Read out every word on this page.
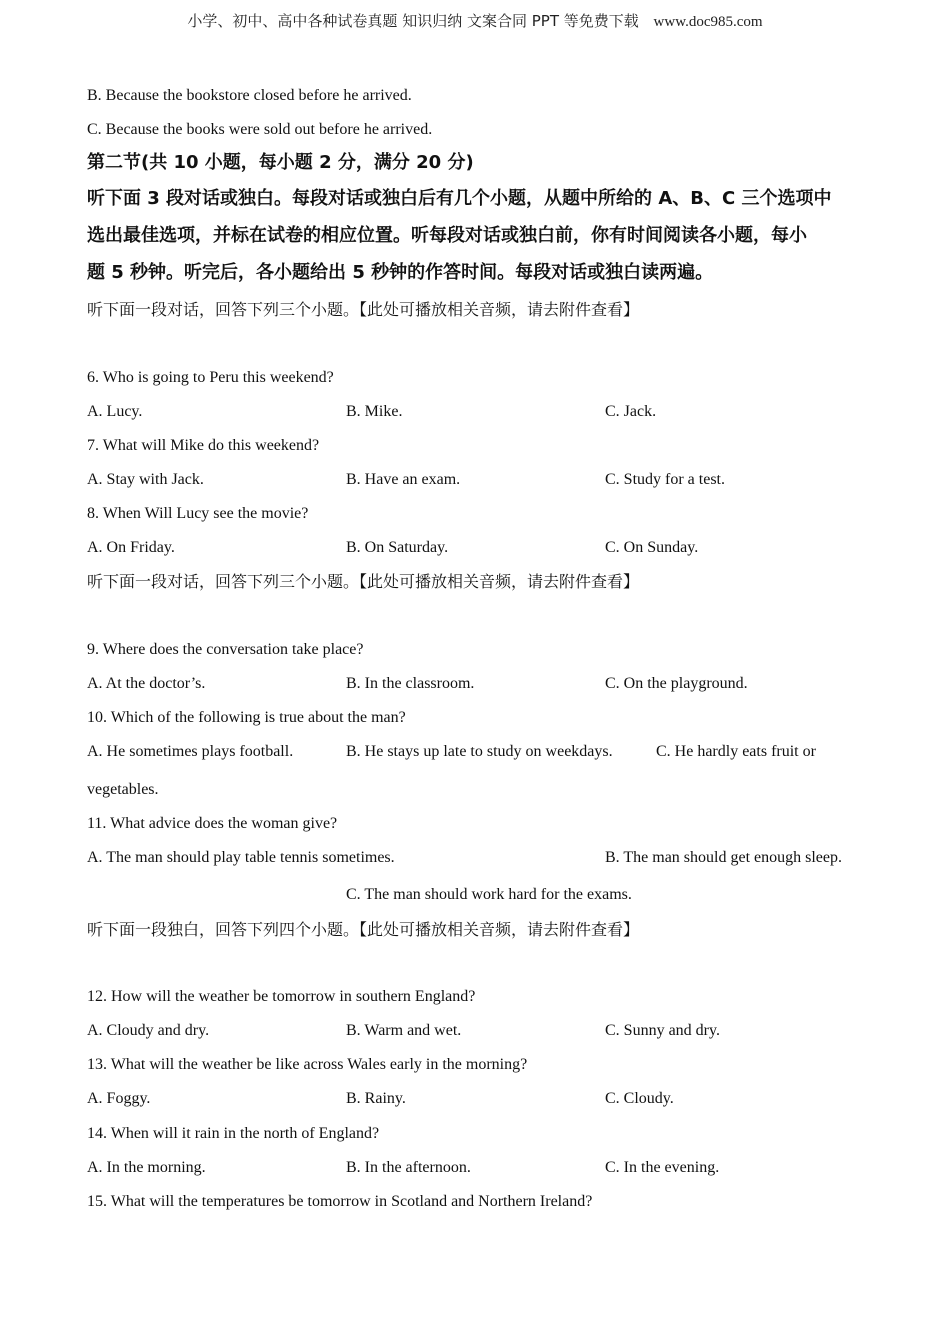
小学、初中、高中各种试卷真题 知识归纳 文案合同 PPT 等免费下载 www.doc985.com
B. Because the bookstore closed before he arrived.
C. Because the books were sold out before he arrived.
第二节(共 10 小题，每小题 2 分，满分 20 分)
听下面 3 段对话或独白。每段对话或独白后有几个小题，从题中所给的 A、B、C 三个选项中
选出最佳选项，并标在试卷的相应位置。听每段对话或独白前，你有时间阅读各小题，每小
题 5 秒钟。听完后，各小题给出 5 秒钟的作答时间。每段对话或独白读两遍。
听下面一段对话，回答下列三个小题。【此处可播放相关音频，请去附件查看】
6. Who is going to Peru this weekend?
A. Lucy.	B. Mike.	C. Jack.
7. What will Mike do this weekend?
A. Stay with Jack.	B. Have an exam.	C. Study for a test.
8. When Will Lucy see the movie?
A. On Friday.	B. On Saturday.	C. On Sunday.
听下面一段对话，回答下列三个小题。【此处可播放相关音频，请去附件查看】
9. Where does the conversation take place?
A. At the doctor’s.	B. In the classroom.	C. On the playground.
10. Which of the following is true about the man?
A. He sometimes plays football.	B. He stays up late to study on weekdays.	C. He hardly eats fruit or
vegetables.
11. What advice does the woman give?
A. The man should play table tennis sometimes.	B. The man should get enough sleep.
C. The man should work hard for the exams.
听下面一段独白，回答下列四个小题。【此处可播放相关音频，请去附件查看】
12. How will the weather be tomorrow in southern England?
A. Cloudy and dry.	B. Warm and wet.	C. Sunny and dry.
13. What will the weather be like across Wales early in the morning?
A. Foggy.	B. Rainy.	C. Cloudy.
14. When will it rain in the north of England?
A. In the morning.	B. In the afternoon.	C. In the evening.
15. What will the temperatures be tomorrow in Scotland and Northern Ireland?
